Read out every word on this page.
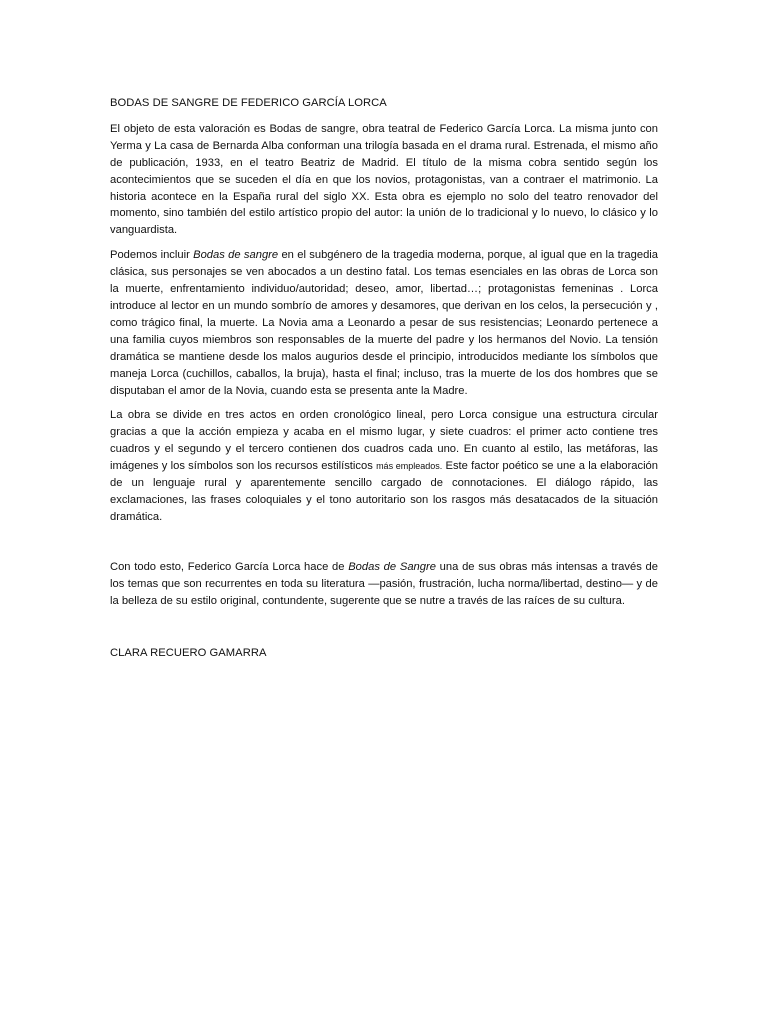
BODAS DE SANGRE DE FEDERICO GARCÍA LORCA

El objeto de esta valoración es Bodas de sangre, obra teatral de Federico García Lorca. La misma junto con Yerma y La casa de Bernarda Alba conforman una trilogía basada en el drama rural. Estrenada, el mismo año de publicación, 1933, en el teatro Beatriz de Madrid. El título de la misma cobra sentido según los acontecimientos que se suceden el día en que los novios, protagonistas, van a contraer el matrimonio. La historia acontece en la España rural del siglo XX. Esta obra es ejemplo no solo del teatro renovador del momento, sino también del estilo artístico propio del autor: la unión de lo tradicional y lo nuevo, lo clásico y lo vanguardista.

Podemos incluir Bodas de sangre en el subgénero de la tragedia moderna, porque, al igual que en la tragedia clásica, sus personajes se ven abocados a un destino fatal. Los temas esenciales en las obras de Lorca son la muerte, enfrentamiento individuo/autoridad; deseo, amor, libertad…; protagonistas femeninas . Lorca introduce al lector en un mundo sombrío de amores y desamores, que derivan en los celos, la persecución y , como trágico final, la muerte. La Novia ama a Leonardo a pesar de sus resistencias; Leonardo pertenece a una familia cuyos miembros son responsables de la muerte del padre y los hermanos del Novio. La tensión dramática se mantiene desde los malos augurios desde el principio, introducidos mediante los símbolos que maneja Lorca (cuchillos, caballos, la bruja), hasta el final; incluso, tras la muerte de los dos hombres que se disputaban el amor de la Novia, cuando esta se presenta ante la Madre.

La obra se divide en tres actos en orden cronológico lineal, pero Lorca consigue una estructura circular gracias a que la acción empieza y acaba en el mismo lugar, y siete cuadros: el primer acto contiene tres cuadros y el segundo y el tercero contienen dos cuadros cada uno. En cuanto al estilo, las metáforas, las imágenes y los símbolos son los recursos estilísticos más empleados. Este factor poético se une a la elaboración de un lenguaje rural y aparentemente sencillo cargado de connotaciones. El diálogo rápido, las exclamaciones, las frases coloquiales y el tono autoritario son los rasgos más desatacados de la situación dramática.

Con todo esto, Federico García Lorca hace de Bodas de Sangre una de sus obras más intensas a través de los temas que son recurrentes en toda su literatura —pasión, frustración, lucha norma/libertad, destino— y de la belleza de su estilo original, contundente, sugerente que se nutre a través de las raíces de su cultura.

CLARA RECUERO GAMARRA
